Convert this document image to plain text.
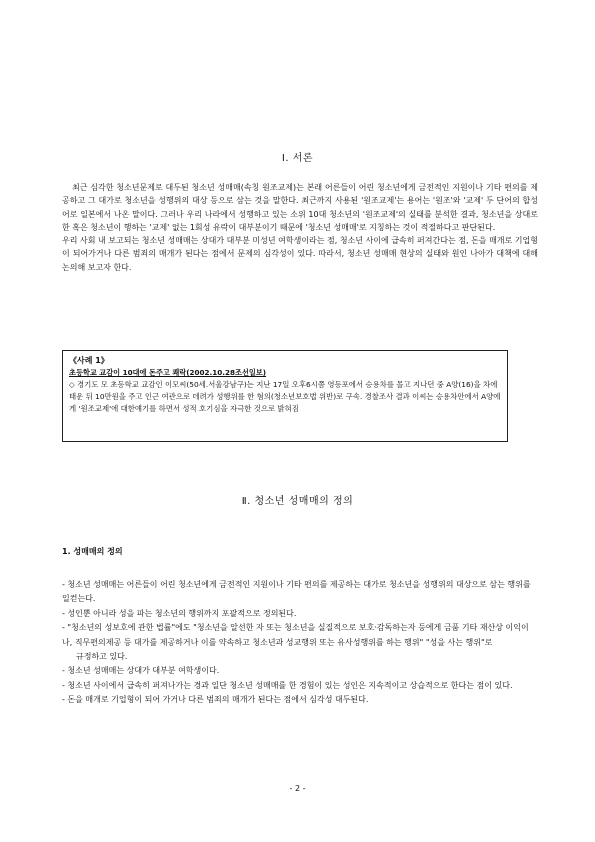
Ⅰ. 서론

최근 심각한 청소년문제로 대두된 청소년 성매매(속칭 원조교제)는 본래 어른들이 어린 청소년에게 금전적인 지원이나 기타 편의를 제공하고 그 대가로 청소년을 성행위의 대상 등으로 삼는 것을 말한다. 최근까지 사용된 '원조교제'는 용어는 '원조'와 '교제' 두 단어의 합성어로 일본에서 나온 말이다. 그러나 우리 나라에서 성행하고 있는 소위 10대 청소년의 '원조교제'의 실태를 분석한 결과, 청소년을 상대로 한 혹은 청소년이 행하는 '교제' 없는 1회성 유락이 대부분이기 때문에 '청소년 성매매'로 지칭하는 것이 적절하다고 판단된다.

우리 사회 내 보고되는 청소년 성매매는 상대가 대부분 미성년 여학생이라는 점, 청소년 사이에 급속히 퍼져간다는 점, 돈을 매개로 기업형이 되어가거나 다른 범죄의 매개가 된다는 점에서 문제의 심각성이 있다. 따라서, 청소년 성매매 현상의 실태와 원인 나아가 대책에 대해 논의해 보고자 한다.

《사례 1》
초등학교 교감이 10대에 돈주고 쾌락(2002.10.28조선일보)
◇ 경기도 모 초등학교 교감인 이모씨(50세.서울강남구)는 지난 17일 오후6시쯤 영등포에서 승용차를 몰고 지나던 중 A양(16)을 차에 태운 뒤 10만원을 주고 인근 여관으로 데려가 성행위를 한 혐의(청소년보호법 위반)로 구속. 경찰조사 결과 이씨는 승용차안에서 A양에게 '원조교제'에 대한얘기를 하면서 성적 호기심을 자극한 것으로 밝혀짐
Ⅱ. 청소년 성매매의 정의
1. 성매매의 정의

- 청소년 성매매는 어른들이 어린 청소년에게 금전적인 지원이나 기타 편의를 제공하는 대가로 청소년을 성행위의 대상으로 삼는 행위를 일컫는다.

- 성인뿐 아니라 성을 파는 청소년의 행위까지 포괄적으로 정의된다.

- "청소년의 성보호에 관한 법률"에도 "청소년을 알선한 자 또는 청소년을 실질적으로 보호·감독하는자 등에게 금품 기타 재산상 이익이나, 직무편의제공 등 대가를 제공하거나 이를 약속하고 청소년과 성교행위 또는 유사성행위를 하는 행위" "성을 사는 행위"로

규정하고 있다.

- 청소년 성매매는 상대가 대부분 여학생이다.

- 청소년 사이에서 급속히 퍼져나가는 경과 일단 청소년 성매매를 한 경험이 있는 성인은 지속적이고 상습적으로 한다는 점이 있다.

- 돈을 매개로 기업형이 되어 가거나 다른 범죄의 매개가 된다는 점에서 심각성 대두된다.

- 2 -
